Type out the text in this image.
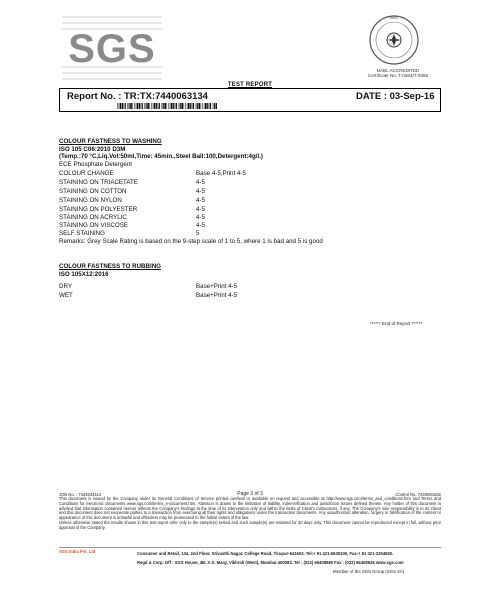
SGS
NABL
NABL ACCREDITED
Certificate No. T-0354/T-0355
TEST REPORT
Report No. : TR:TX:7440063134	DATE : 03-Sep-16
COLOUR FASTNESS TO WASHING
ISO 105 C06:2010 D3M
(Temp.:70 °C,Liq.Vol:50ml,Time: 45min.,Steel Ball:100,Detergent:4g/l.)
ECE Phosphate Detergent
COLOUR CHANGE	Base 4-5,Print 4-5
STAINING ON TRIACETATE	4-5
STAINING ON COTTON	4-5
STAINING ON NYLON	4-5
STAINING ON POLYESTER	4-5
STAINING ON ACRYLIC	4-5
STAINING ON VISCOSE	4-5
SELF STAINING	5
Remarks: Grey Scale Rating is based on the 9-step scale of 1 to 5, where 1 is bad and 5 is good
COLOUR FASTNESS TO RUBBING
ISO 105X12:2016
DRY	Base+Print 4-5
WET	Base+Print 4-5
****** End of Report ******
JOB No. : 7444034114	Page 3 of 3	Control No.:7440064282
This document is issued by the Company under its General Conditions of Service printed overleaf or available on request and accessible at http://www.sgs.com/terms_and_conditions.htm and Terms and Conditions for electronic documents www.sgs.com/terms_e-document.htm. Attention is drawn to the limitation of liability, indemnification and jurisdiction issues defined therein. Any holder of this document is advised that information contained hereon reflects the Company's findings at the time of its intervention only and within the limits of Client's instructions, if any. The Company's sole responsibility is to its Client and this document does not exonerate parties to a transaction from exercising all their rights and obligations under the transaction documents. Any unauthorized alteration, forgery or falsification of the content or appearance of this document is unlawful and offenders may be prosecuted to the fullest extent of the law.
Unless otherwise stated the results shown in this test report refer only to the sample(s) tested and such sample(s) are retained for 30 days only. This document cannot be reproduced except in full, without prior approval of the Company.
SGS India Pvt. Ltd	Consumer and Retail, 134, 2nd Floor, Srivasthi Nagar, College Road, Tirupur-641602. Tel:+ 91 421-6630100, Fax:+ 91 421-2204692.
Regd & Corp. Off : SGS House, 4B, A.S. Marg, Vikhroli (West), Mumbai-400083. Tel : (022) 66408580 Fax : (022) 66408625 www.sgs.com
Member of the SGS Group (SGS SA)
